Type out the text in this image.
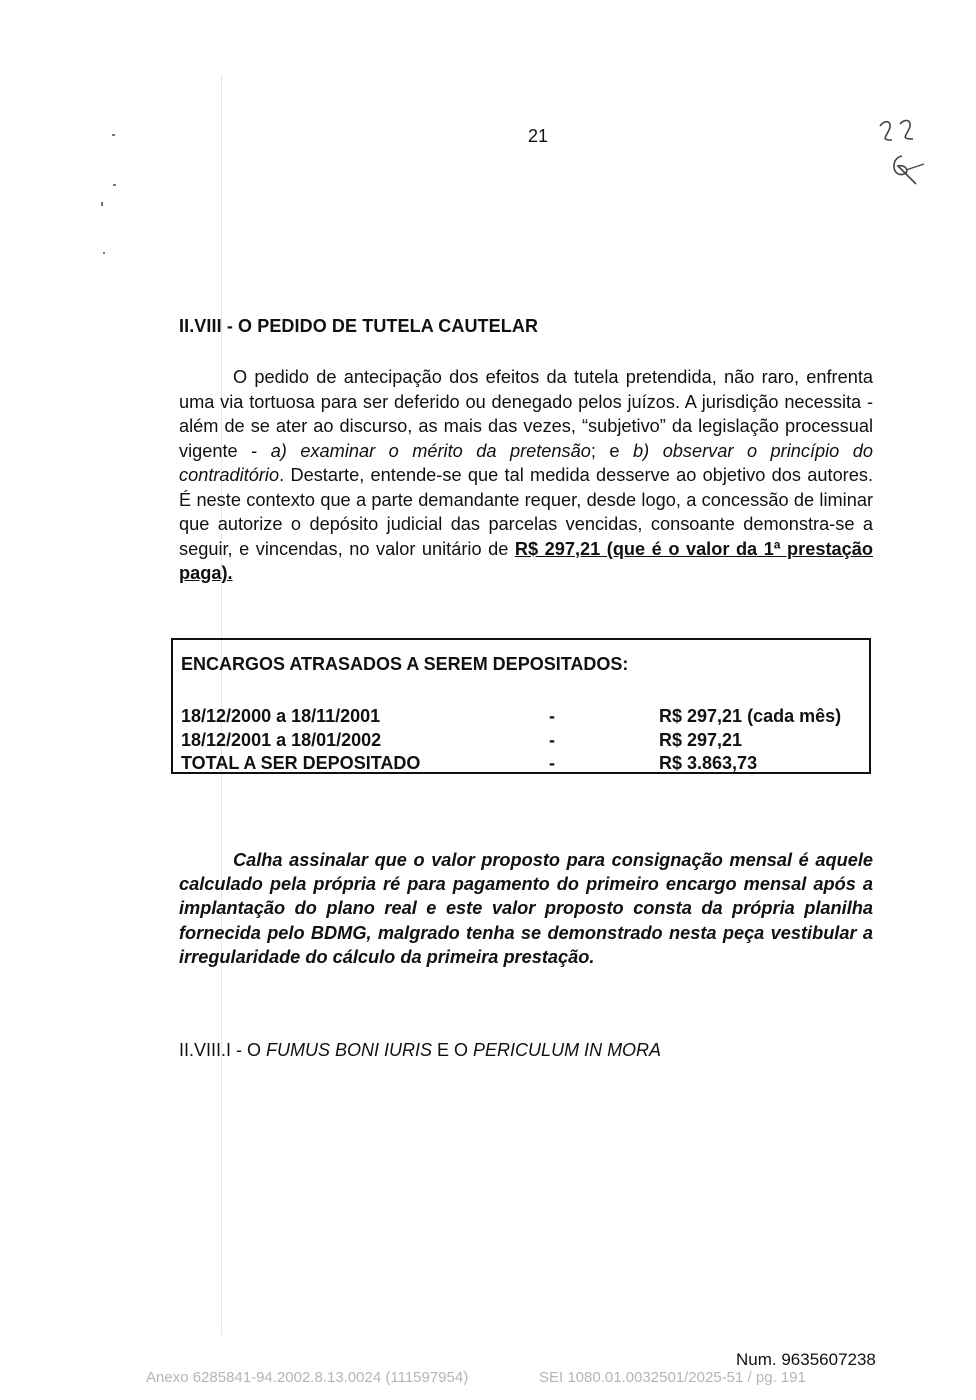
21
II.VIII - O PEDIDO DE TUTELA CAUTELAR

O pedido de antecipação dos efeitos da tutela pretendida, não raro, enfrenta uma via tortuosa para ser deferido ou denegado pelos juízos. A jurisdição necessita - além de se ater ao discurso, as mais das vezes, “subjetivo” da legislação processual vigente - a) examinar o mérito da pretensão; e b) observar o princípio do contraditório. Destarte, entende-se que tal medida desserve ao objetivo dos autores. É neste contexto que a parte demandante requer, desde logo, a concessão de liminar que autorize o depósito judicial das parcelas vencidas, consoante demonstra-se a seguir, e vincendas, no valor unitário de R$ 297,21 (que é o valor da 1ª prestação paga).

ENCARGOS ATRASADOS A SEREM DEPOSITADOS:
18/12/2000 a 18/11/2001	-	R$ 297,21 (cada mês)
18/12/2001 a 18/01/2002	-	R$ 297,21
TOTAL A SER DEPOSITADO	-	R$ 3.863,73

Calha assinalar que o valor proposto para consignação mensal é aquele calculado pela própria ré para pagamento do primeiro encargo mensal após a implantação do plano real e este valor proposto consta da própria planilha fornecida pelo BDMG, malgrado tenha se demonstrado nesta peça vestibular a irregularidade do cálculo da primeira prestação.

II.VIII.I - O FUMUS BONI IURIS E O PERICULUM IN MORA
Num. 9635607238
Anexo 6285841-94.2002.8.13.0024 (111597954)	SEI 1080.01.0032501/2025-51 / pg. 191
